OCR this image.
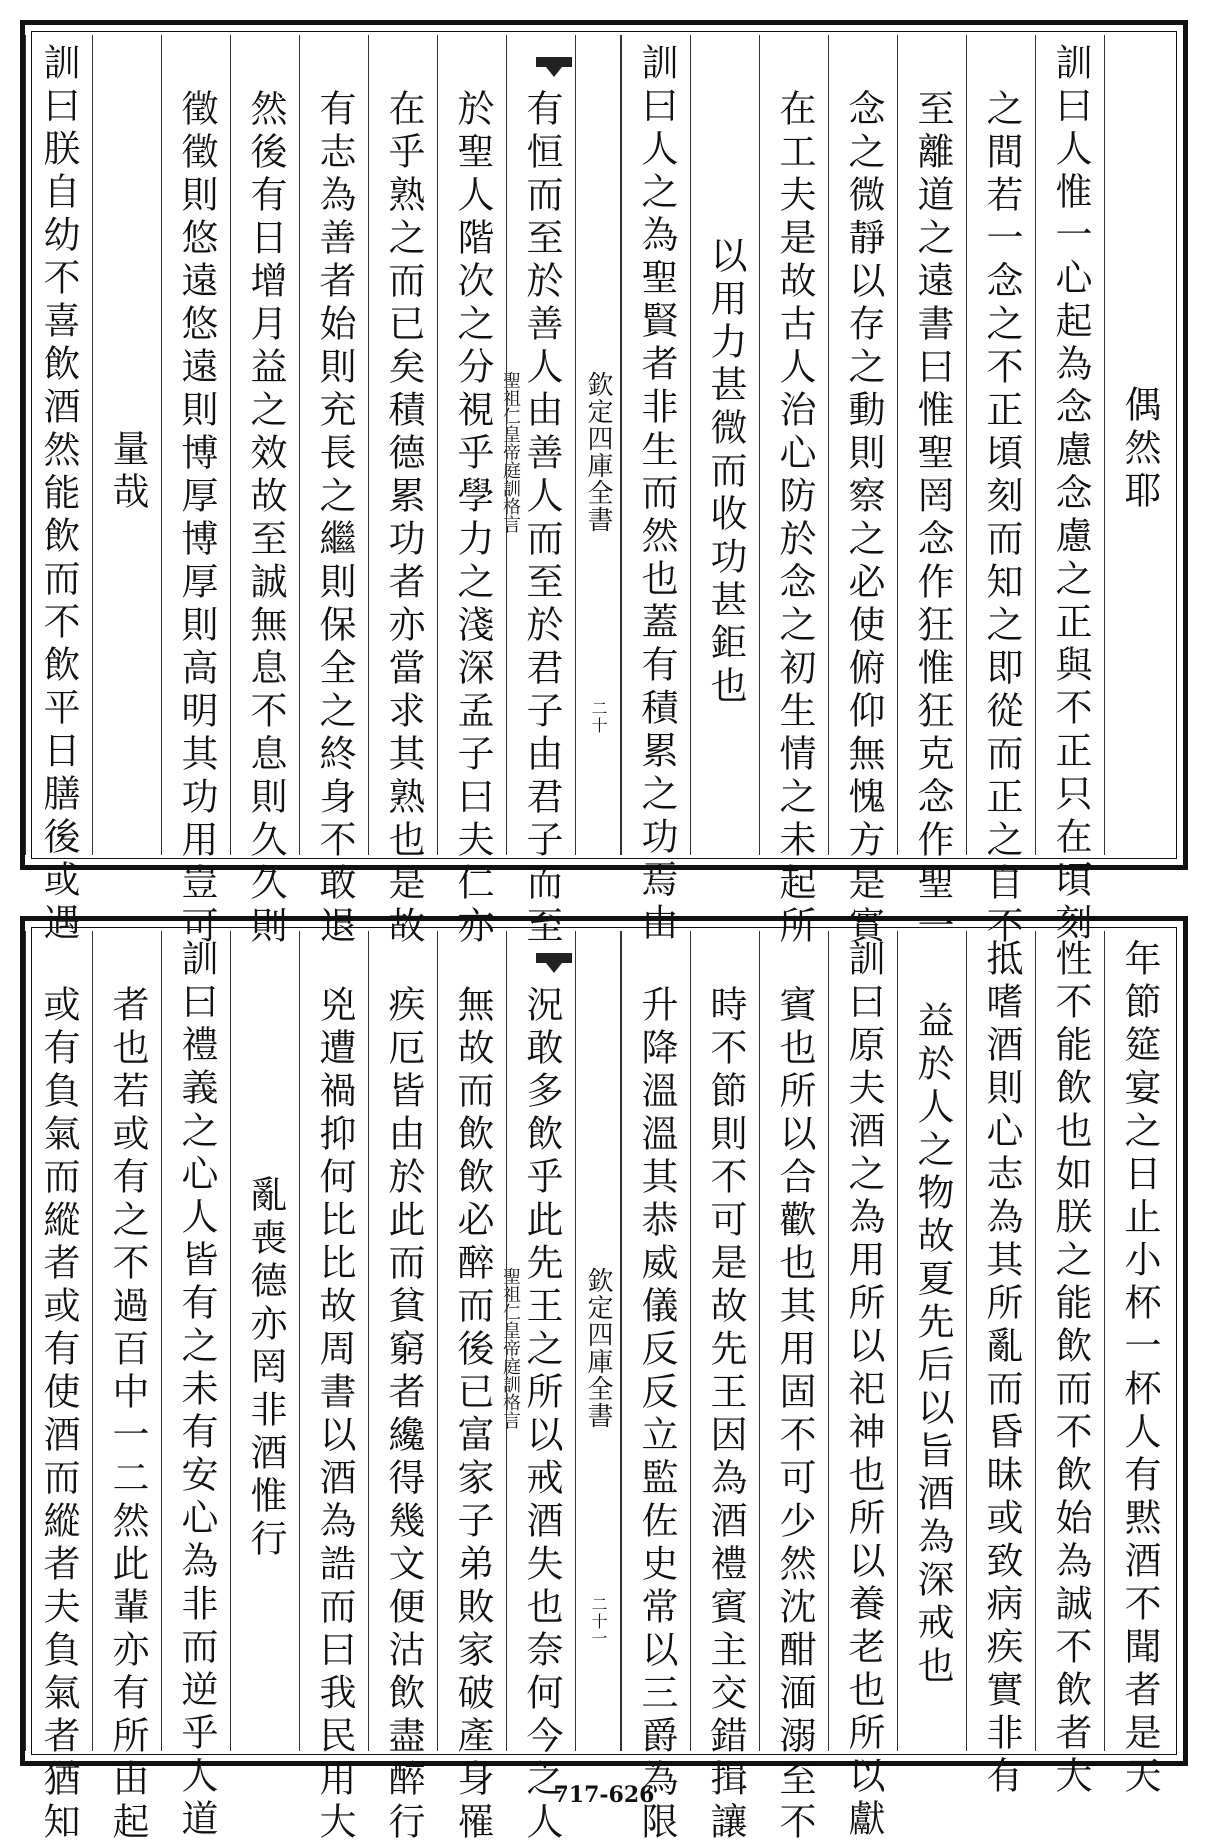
偶然耶
訓曰人惟一心起為念慮念慮之正與不正只在頃刻
之間若一念之不正頃刻而知之即從而正之自不
至離道之遠書曰惟聖罔念作狂惟狂克念作聖一
念之微靜以存之動則察之必使俯仰無愧方是實
在工夫是故古人治心防於念之初生情之未起所
以用力甚微而收功甚鉅也
訓曰人之為聖賢者非生而然也蓋有積累之功焉由
欽定四庫全書
聖祖仁皇帝庭訓格言
二十
有恒而至於善人由善人而至於君子由君子而至
於聖人階次之分視乎學力之淺深孟子曰夫仁亦
在乎熟之而已矣積德累功者亦當求其熟也是故
有志為善者始則充長之繼則保全之終身不敢退
然後有日增月益之效故至誠無息不息則久久則
徵徵則悠遠悠遠則博厚博厚則高明其功用豈可
量哉
訓曰朕自幼不喜飲酒然能飲而不飲平日膳後或遇
年節筵宴之日止小杯一杯人有黙酒不聞者是天
性不能飲也如朕之能飲而不飲始為誠不飲者大
抵嗜酒則心志為其所亂而昏昧或致病疾實非有
益於人之物故夏先后以旨酒為深戒也
訓曰原夫酒之為用所以祀神也所以養老也所以獻
賓也所以合歡也其用固不可少然沈酣湎溺至不
時不節則不可是故先王因為酒禮賓主交錯揖讓
升降溫溫其恭威儀反反立監佐史常以三爵為限
欽定四庫全書
聖祖仁皇帝庭訓格言
二十一
況敢多飲乎此先王之所以戒酒失也奈何今之人
無故而飲飲必醉而後已富家子弟敗家破產身罹
疾厄皆由於此而貧窮者纔得幾文便沽飲盡醉行
兇遭禍抑何比比故周書以酒為誥而曰我民用大
亂喪德亦罔非酒惟行
訓曰禮義之心人皆有之未有安心為非而逆乎人道
者也若或有之不過百中一二然此輩亦有所由起
或有負氣而縱者或有使酒而縱者夫負氣者猶知	717-626
